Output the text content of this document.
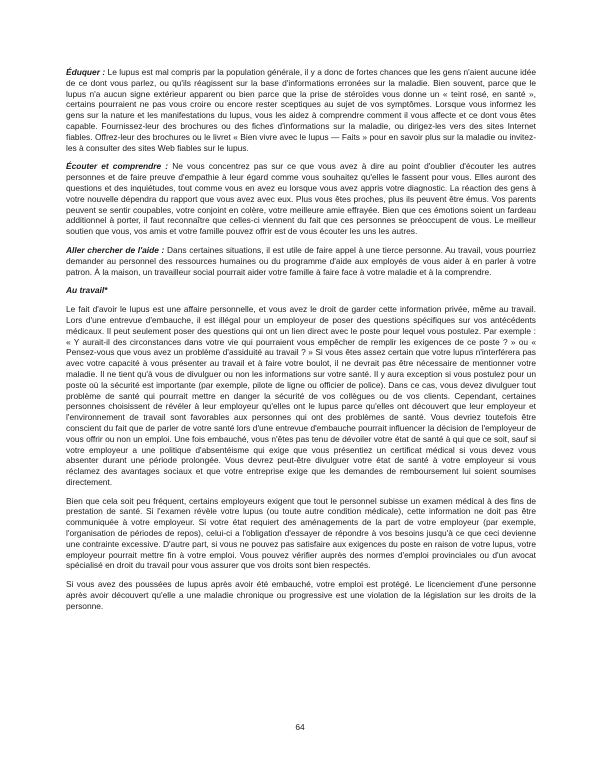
Éduquer : Le lupus est mal compris par la population générale, il y a donc de fortes chances que les gens n'aient aucune idée de ce dont vous parlez, ou qu'ils réagissent sur la base d'informations erronées sur la maladie. Bien souvent, parce que le lupus n'a aucun signe extérieur apparent ou bien parce que la prise de stéroïdes vous donne un « teint rosé, en santé », certains pourraient ne pas vous croire ou encore rester sceptiques au sujet de vos symptômes. Lorsque vous informez les gens sur la nature et les manifestations du lupus, vous les aidez à comprendre comment il vous affecte et ce dont vous êtes capable. Fournissez-leur des brochures ou des fiches d'informations sur la maladie, ou dirigez-les vers des sites Internet fiables. Offrez-leur des brochures ou le livret « Bien vivre avec le lupus — Faits » pour en savoir plus sur la maladie ou invitez-les à consulter des sites Web fiables sur le lupus.

Écouter et comprendre : Ne vous concentrez pas sur ce que vous avez à dire au point d'oublier d'écouter les autres personnes et de faire preuve d'empathie à leur égard comme vous souhaitez qu'elles le fassent pour vous. Elles auront des questions et des inquiétudes, tout comme vous en avez eu lorsque vous avez appris votre diagnostic. La réaction des gens à votre nouvelle dépendra du rapport que vous avez avec eux. Plus vous êtes proches, plus ils peuvent être émus. Vos parents peuvent se sentir coupables, votre conjoint en colère, votre meilleure amie effrayée. Bien que ces émotions soient un fardeau additionnel à porter, il faut reconnaître que celles-ci viennent du fait que ces personnes se préoccupent de vous. Le meilleur soutien que vous, vos amis et votre famille pouvez offrir est de vous écouter les uns les autres.

Aller chercher de l'aide : Dans certaines situations, il est utile de faire appel à une tierce personne. Au travail, vous pourriez demander au personnel des ressources humaines ou du programme d'aide aux employés de vous aider à en parler à votre patron. À la maison, un travailleur social pourrait aider votre famille à faire face à votre maladie et à la comprendre.

Au travail*

Le fait d'avoir le lupus est une affaire personnelle, et vous avez le droit de garder cette information privée, même au travail. Lors d'une entrevue d'embauche, il est illégal pour un employeur de poser des questions spécifiques sur vos antécédents médicaux. Il peut seulement poser des questions qui ont un lien direct avec le poste pour lequel vous postulez. Par exemple : « Y aurait-il des circonstances dans votre vie qui pourraient vous empêcher de remplir les exigences de ce poste ? » ou « Pensez-vous que vous avez un problème d'assiduité au travail ? » Si vous êtes assez certain que votre lupus n'interférera pas avec votre capacité à vous présenter au travail et à faire votre boulot, il ne devrait pas être nécessaire de mentionner votre maladie. Il ne tient qu'à vous de divulguer ou non les informations sur votre santé. Il y aura exception si vous postulez pour un poste où la sécurité est importante (par exemple, pilote de ligne ou officier de police). Dans ce cas, vous devez divulguer tout problème de santé qui pourrait mettre en danger la sécurité de vos collègues ou de vos clients. Cependant, certaines personnes choisissent de révéler à leur employeur qu'elles ont le lupus parce qu'elles ont découvert que leur employeur et l'environnement de travail sont favorables aux personnes qui ont des problèmes de santé. Vous devriez toutefois être conscient du fait que de parler de votre santé lors d'une entrevue d'embauche pourrait influencer la décision de l'employeur de vous offrir ou non un emploi. Une fois embauché, vous n'êtes pas tenu de dévoiler votre état de santé à qui que ce soit, sauf si votre employeur a une politique d'absentéisme qui exige que vous présentiez un certificat médical si vous devez vous absenter durant une période prolongée. Vous devrez peut-être divulguer votre état de santé à votre employeur si vous réclamez des avantages sociaux et que votre entreprise exige que les demandes de remboursement lui soient soumises directement.

Bien que cela soit peu fréquent, certains employeurs exigent que tout le personnel subisse un examen médical à des fins de prestation de santé. Si l'examen révèle votre lupus (ou toute autre condition médicale), cette information ne doit pas être communiquée à votre employeur. Si votre état requiert des aménagements de la part de votre employeur (par exemple, l'organisation de périodes de repos), celui-ci a l'obligation d'essayer de répondre à vos besoins jusqu'à ce que ceci devienne une contrainte excessive. D'autre part, si vous ne pouvez pas satisfaire aux exigences du poste en raison de votre lupus, votre employeur pourrait mettre fin à votre emploi. Vous pouvez vérifier auprès des normes d'emploi provinciales ou d'un avocat spécialisé en droit du travail pour vous assurer que vos droits sont bien respectés.

Si vous avez des poussées de lupus après avoir été embauché, votre emploi est protégé. Le licenciement d'une personne après avoir découvert qu'elle a une maladie chronique ou progressive est une violation de la législation sur les droits de la personne.

64
